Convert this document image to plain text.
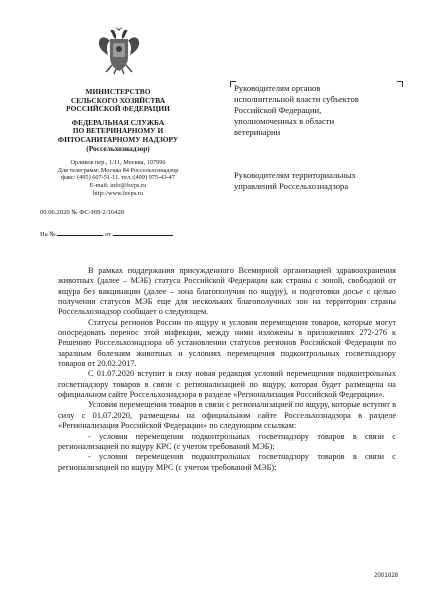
МИНИСТЕРСТВО
СЕЛЬСКОГО ХОЗЯЙСТВА
РОССИЙСКОЙ ФЕДЕРАЦИИ
ФЕДЕРАЛЬНАЯ СЛУЖБА
ПО ВЕТЕРИНАРНОМУ И
ФИТОСАНИТАРНОМУ НАДЗОРУ
(Россельхознадзор)
Орликов пер., 1/11, Москва, 107996
Для телеграмм: Москва 84 Россельхознадзор
факс: (495) 607-51-11. тел.:(499) 975-43-47
E-mail: info@fsvps.ru
http://www.fsvps.ru
09.06.2020 № ФС-НВ-2/16428
На №	от
Руководителям органов
исполнительной власти субъектов
Российской Федерации,
уполномоченных в области
ветеринарии
Руководителям территориальных
управлений Россельхознадзора

В рамках поддержания присужденного Всемирной организацией здравоохранения животных (далее – МЭБ) статуса Российской Федерации как страны с зоной, свободной от ящура без вакцинации (далее – зона благополучия по ящуру), и подготовки досье с целью получения статусов МЭБ еще для нескольких благополучных зон на территории страны Россельхознадзор сообщает о следующем.

Статусы регионов России по ящуру и условия перемещения товаров, которые могут опосредовать перенос этой инфекции, между ними изложены в приложениях 272-276 к Решению Россельхознадзора об установлении статусов регионов Российской Федерации по заразным болезням животных и условиях перемещения подконтрольных госветнадзору товаров от 20.02.2017.

С 01.07.2020 вступит в силу новая редакция условий перемещения подконтрольных госветнадзору товаров в связи с регионализацией по ящуру, которая будет размещена на официальном сайте Россельхознадзора в разделе «Регионализация Российской Федерации».

Условия перемещения товаров в связи с регионализацией по ящуру, которые вступят в силу с 01.07.2020, размещены на официальном сайте Россельхознадзора в разделе «Регионализация Российской Федерации» по следующим ссылкам:

- условия перемещения подконтрольных госветнадзору товаров в связи с регионализацией по ящуру КРС (с учетом требований МЭБ);

- условия перемещения подконтрольных госветнадзору товаров в связи с регионализацией по ящуру МРС (с учетом требований МЭБ);

2001028
